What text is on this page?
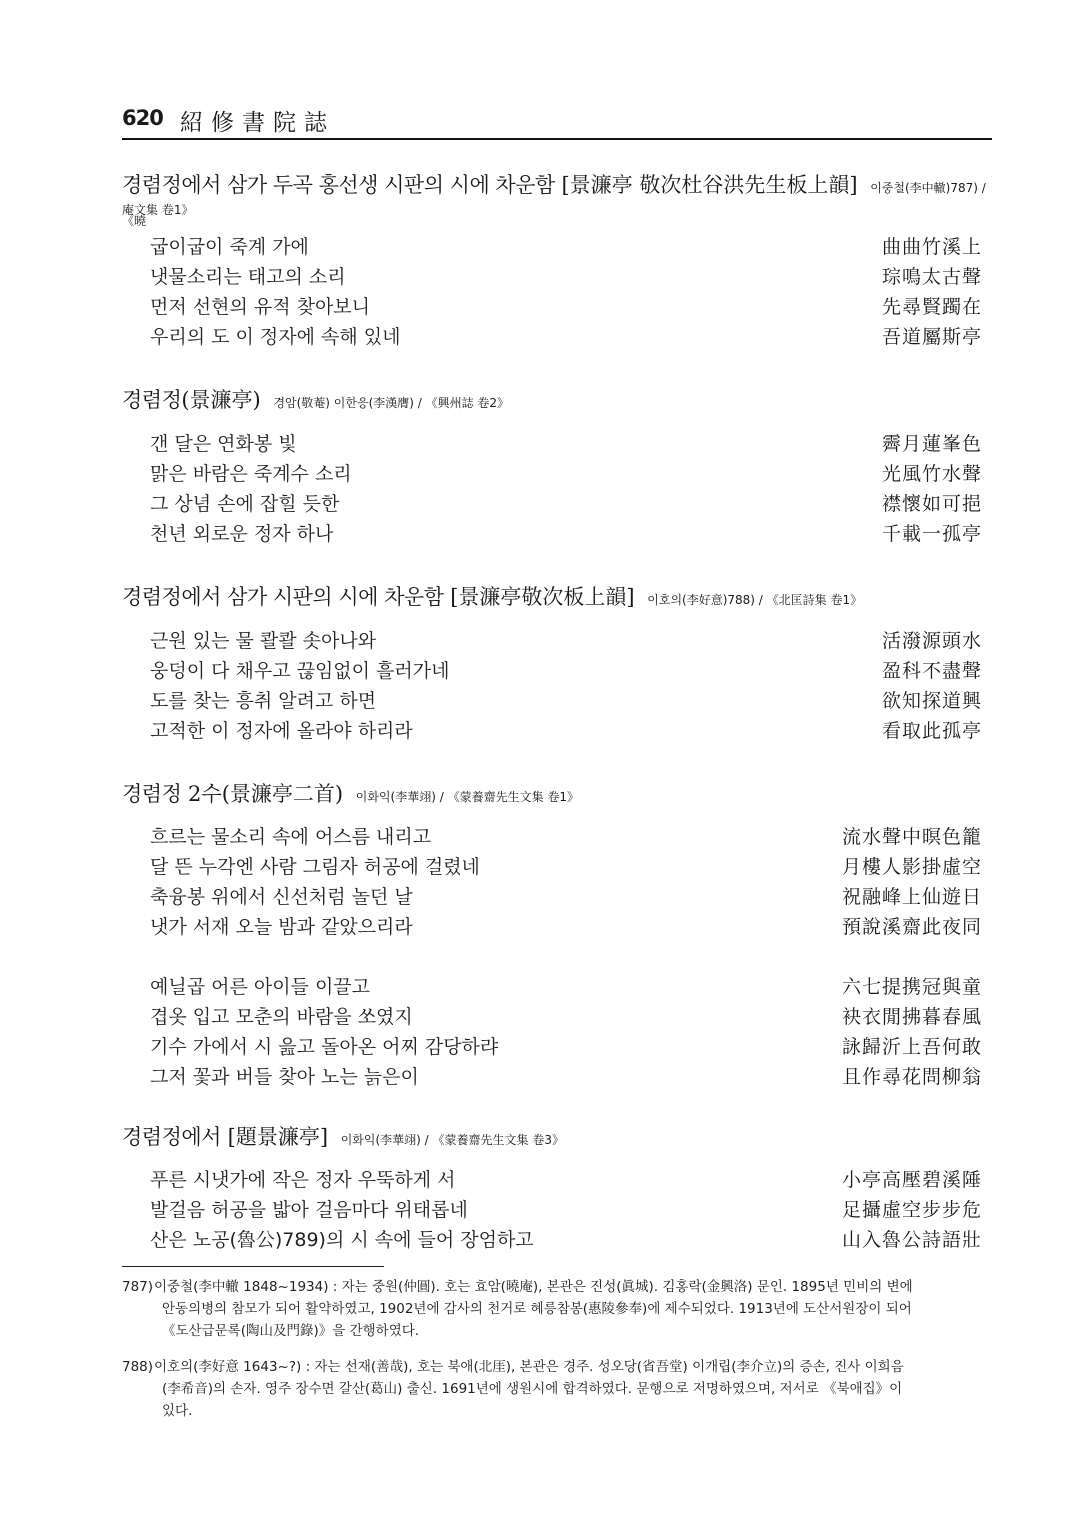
620 紹修書院誌
경렴정에서 삼가 두곡 홍선생 시판의 시에 차운함 [景濂亭 敬次杜谷洪先生板上韻] 이중철(李中轍)787) / 《曉
庵文集 卷1》
굽이굽이 죽계 가에	曲曲竹溪上
냇물소리는 태고의 소리	琮鳴太古聲
먼저 선현의 유적 찾아보니	先尋賢躅在
우리의 도 이 정자에 속해 있네	吾道屬斯亭
경렴정(景濂亭) 경암(敬菴) 이한응(李漢膺) / 《興州誌 卷2》
갠 달은 연화봉 빛	霽月蓮峯色
맑은 바람은 죽계수 소리	光風竹水聲
그 상념 손에 잡힐 듯한	襟懷如可挹
천년 외로운 정자 하나	千載一孤亭
경렴정에서 삼가 시판의 시에 차운함 [景濂亭敬次板上韻] 이호의(李好意)788) / 《北匡詩集 卷1》
근원 있는 물 콸콸 솟아나와	活潑源頭水
웅덩이 다 채우고 끊임없이 흘러가네	盈科不盡聲
도를 찾는 흥취 알려고 하면	欲知探道興
고적한 이 정자에 올라야 하리라	看取此孤亭
경렴정 2수(景濂亭二首) 이화익(李華翊) / 《蒙養齋先生文集 卷1》
흐르는 물소리 속에 어스름 내리고	流水聲中暝色籠
달 뜬 누각엔 사람 그림자 허공에 걸렸네	月樓人影掛虛空
축융봉 위에서 신선처럼 놀던 날	祝融峰上仙遊日
냇가 서재 오늘 밤과 같았으리라	預說溪齋此夜同
예닐곱 어른 아이들 이끌고	六七提携冠與童
겹옷 입고 모춘의 바람을 쏘였지	袂衣閒拂暮春風
기수 가에서 시 읊고 돌아온 어찌 감당하랴	詠歸沂上吾何敢
그저 꽃과 버들 찾아 노는 늙은이	且作尋花問柳翁
경렴정에서 [題景濂亭] 이화익(李華翊) / 《蒙養齋先生文集 卷3》
푸른 시냇가에 작은 정자 우뚝하게 서	小亭高壓碧溪陲
발걸음 허공을 밟아 걸음마다 위태롭네	足攝虛空步步危
산은 노공(魯公)789)의 시 속에 들어 장엄하고	山入魯公詩語壯
787) 이중철(李中轍 1848~1934) : 자는 중원(仲圓). 호는 효암(曉庵), 본관은 진성(眞城). 김홍락(金興洛) 문인. 1895년 민비의 변에
안동의병의 참모가 되어 활약하였고, 1902년에 감사의 천거로 혜릉참봉(惠陵參奉)에 제수되었다. 1913년에 도산서원장이 되어
《도산급문록(陶山及門錄)》을 간행하였다.
788) 이호의(李好意 1643~?) : 자는 선재(善哉), 호는 북애(北厓), 본관은 경주. 성오당(省吾堂) 이개립(李介立)의 증손, 진사 이희음
(李希音)의 손자. 영주 장수면 갈산(葛山) 출신. 1691년에 생원시에 합격하였다. 문행으로 저명하였으며, 저서로 《북애집》이
있다.
